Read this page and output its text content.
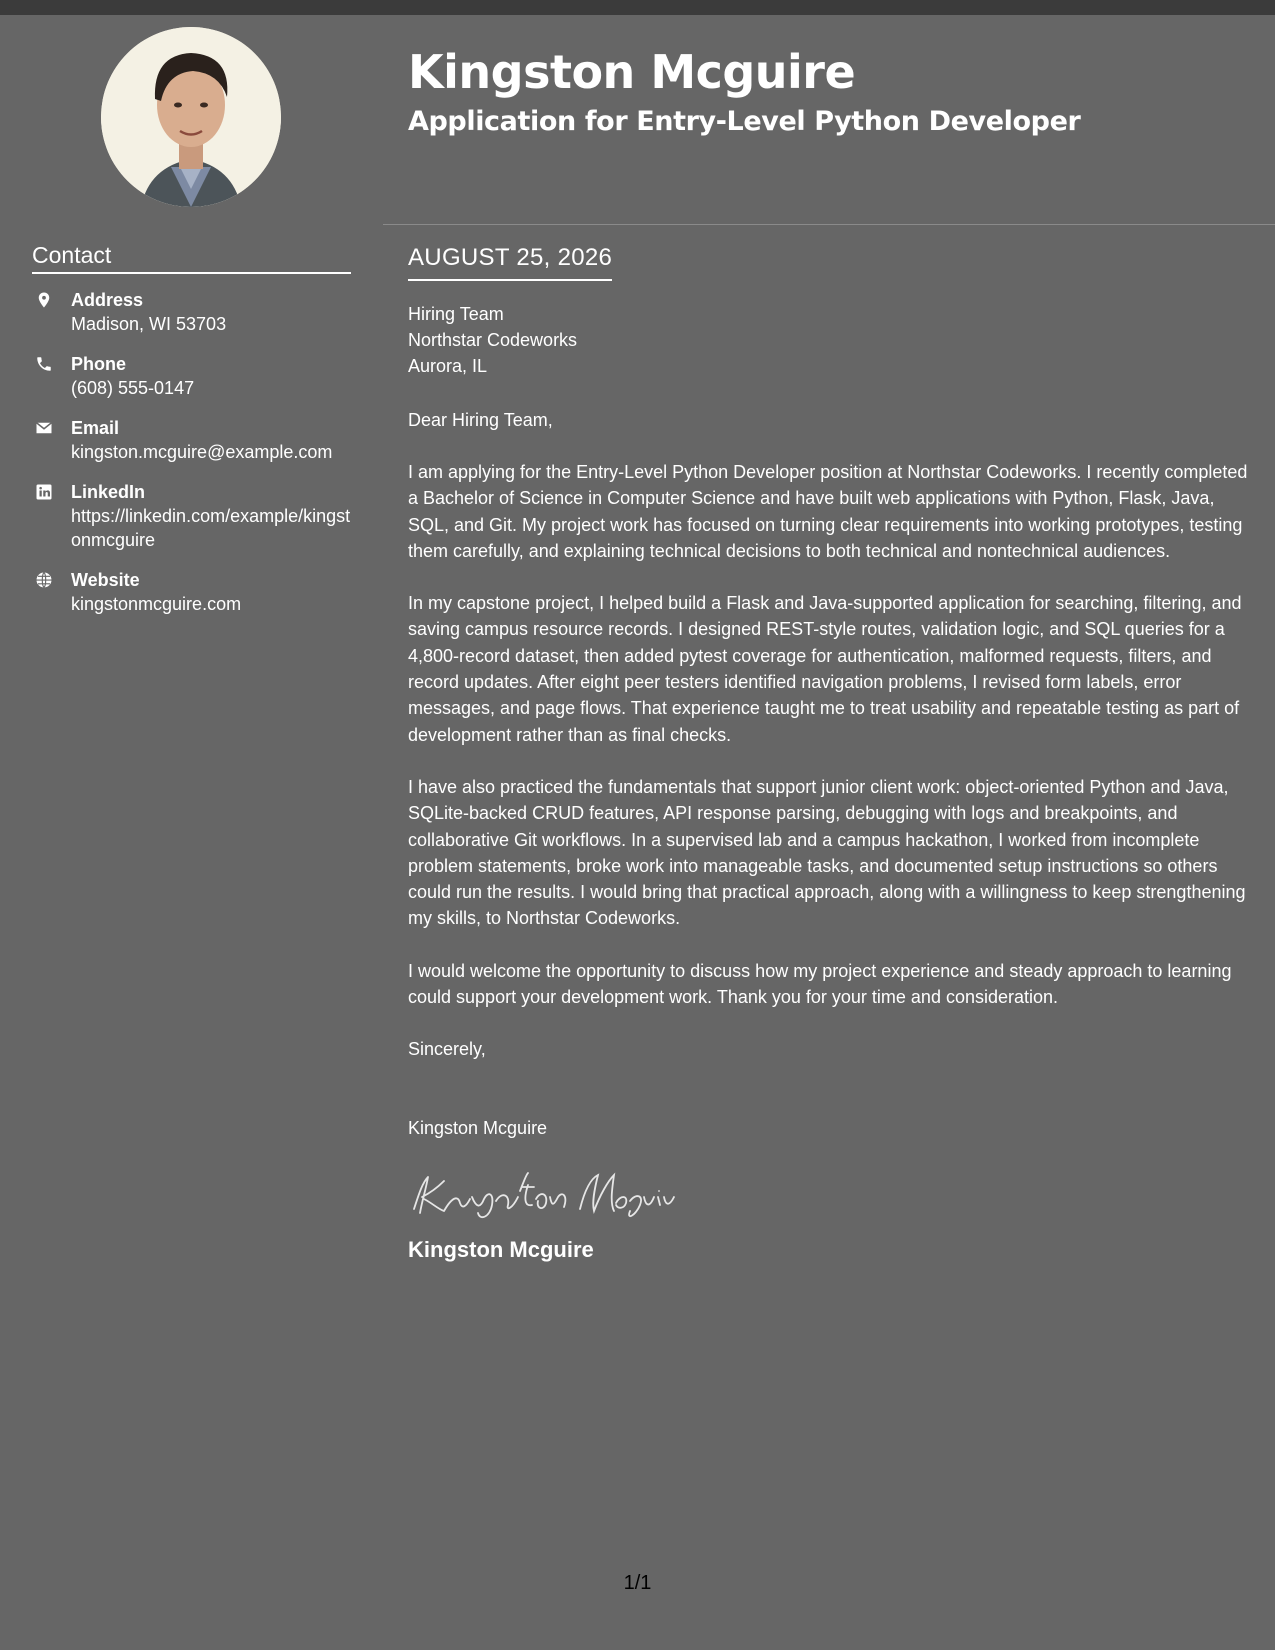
Kingston Mcguire
Application for Entry-Level Python Developer
Contact
Address
Madison, WI 53703
Phone
(608) 555-0147
Email
kingston.mcguire@example.com
LinkedIn
https://linkedin.com/example/kingstonmcguire
Website
kingstonmcguire.com
AUGUST 25, 2026
Hiring Team
Northstar Codeworks
Aurora, IL

Dear Hiring Team,

I am applying for the Entry-Level Python Developer position at Northstar Codeworks. I recently completed a Bachelor of Science in Computer Science and have built web applications with Python, Flask, Java, SQL, and Git. My project work has focused on turning clear requirements into working prototypes, testing them carefully, and explaining technical decisions to both technical and nontechnical audiences.

In my capstone project, I helped build a Flask and Java-supported application for searching, filtering, and saving campus resource records. I designed REST-style routes, validation logic, and SQL queries for a 4,800-record dataset, then added pytest coverage for authentication, malformed requests, filters, and record updates. After eight peer testers identified navigation problems, I revised form labels, error messages, and page flows. That experience taught me to treat usability and repeatable testing as part of development rather than as final checks.

I have also practiced the fundamentals that support junior client work: object-oriented Python and Java, SQLite-backed CRUD features, API response parsing, debugging with logs and breakpoints, and collaborative Git workflows. In a supervised lab and a campus hackathon, I worked from incomplete problem statements, broke work into manageable tasks, and documented setup instructions so others could run the results. I would bring that practical approach, along with a willingness to keep strengthening my skills, to Northstar Codeworks.

I would welcome the opportunity to discuss how my project experience and steady approach to learning could support your development work. Thank you for your time and consideration.

Sincerely,

Kingston Mcguire

Kingston Mcguire

1/1
